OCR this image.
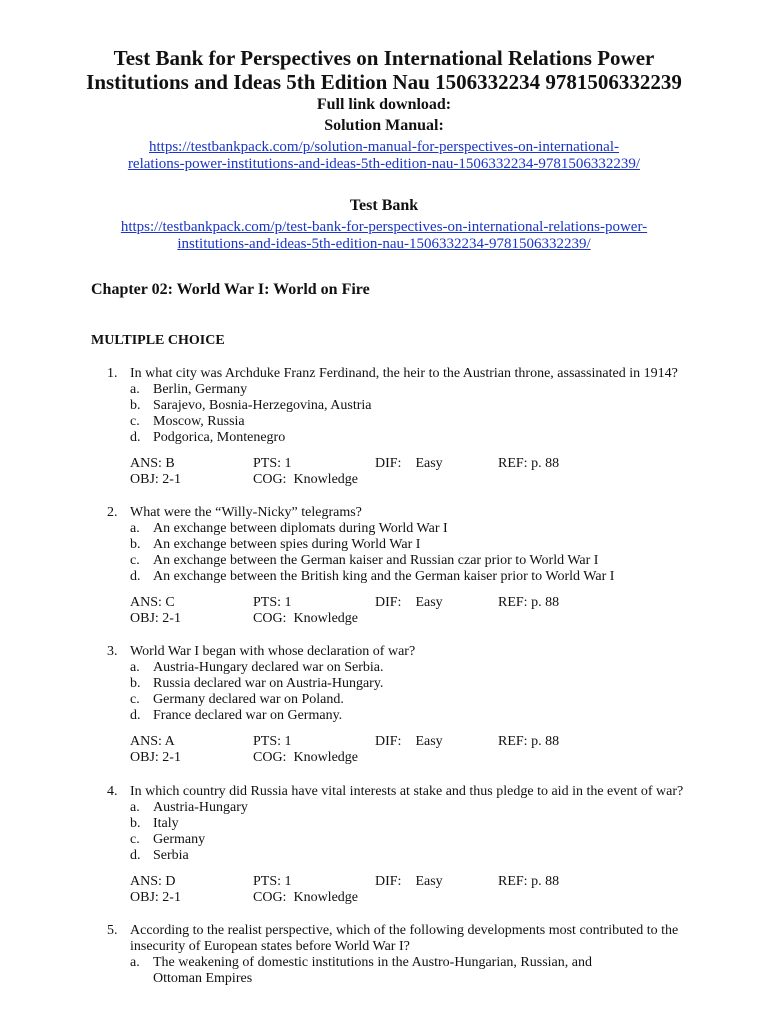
Test Bank for Perspectives on International Relations Power
Institutions and Ideas 5th Edition Nau 1506332234 9781506332239
Full link download:
Solution Manual:
https://testbankpack.com/p/solution-manual-for-perspectives-on-international-
relations-power-institutions-and-ideas-5th-edition-nau-1506332234-9781506332239/
Test Bank
https://testbankpack.com/p/test-bank-for-perspectives-on-international-relations-power-
institutions-and-ideas-5th-edition-nau-1506332234-9781506332239/
Chapter 02: World War I: World on Fire
MULTIPLE CHOICE
1. In what city was Archduke Franz Ferdinand, the heir to the Austrian throne, assassinated in 1914?
a. Berlin, Germany
b. Sarajevo, Bosnia-Herzegovina, Austria
c. Moscow, Russia
d. Podgorica, Montenegro
ANS: B	PTS: 1	DIF: Easy	REF: p. 88
OBJ: 2-1	COG: Knowledge
2. What were the “Willy-Nicky” telegrams?
a. An exchange between diplomats during World War I
b. An exchange between spies during World War I
c. An exchange between the German kaiser and Russian czar prior to World War I
d. An exchange between the British king and the German kaiser prior to World War I
ANS: C	PTS: 1	DIF: Easy	REF: p. 88
OBJ: 2-1	COG: Knowledge
3. World War I began with whose declaration of war?
a. Austria-Hungary declared war on Serbia.
b. Russia declared war on Austria-Hungary.
c. Germany declared war on Poland.
d. France declared war on Germany.
ANS: A	PTS: 1	DIF: Easy	REF: p. 88
OBJ: 2-1	COG: Knowledge
4. In which country did Russia have vital interests at stake and thus pledge to aid in the event of war?
a. Austria-Hungary
b. Italy
c. Germany
d. Serbia
ANS: D	PTS: 1	DIF: Easy	REF: p. 88
OBJ: 2-1	COG: Knowledge
5. According to the realist perspective, which of the following developments most contributed to the insecurity of European states before World War I?
a. The weakening of domestic institutions in the Austro-Hungarian, Russian, and Ottoman Empires
